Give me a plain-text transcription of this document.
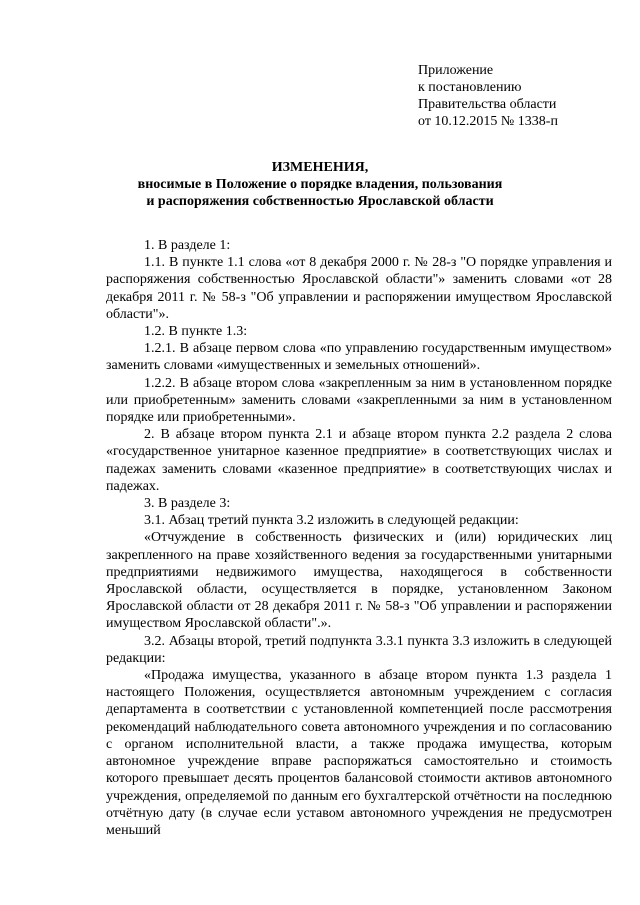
Приложение
к постановлению
Правительства области
от 10.12.2015 № 1338-п
ИЗМЕНЕНИЯ,
вносимые в Положение о порядке владения, пользования
и распоряжения собственностью Ярославской области

1. В разделе 1:

1.1. В пункте 1.1 слова «от 8 декабря 2000 г. № 28-з "О порядке управления и распоряжения собственностью Ярославской области"» заменить словами «от 28 декабря 2011 г. № 58-з "Об управлении и распоряжении имуществом Ярославской области"».

1.2. В пункте 1.3:

1.2.1. В абзаце первом слова «по управлению государственным имуществом» заменить словами «имущественных и земельных отношений».

1.2.2. В абзаце втором слова «закрепленным за ним в установленном порядке или приобретенным» заменить словами «закрепленными за ним в установленном порядке или приобретенными».

2. В абзаце втором пункта 2.1 и абзаце втором пункта 2.2 раздела 2 слова «государственное унитарное казенное предприятие» в соответствующих числах и падежах заменить словами «казенное предприятие» в соответствующих числах и падежах.

3. В разделе 3:

3.1. Абзац третий пункта 3.2 изложить в следующей редакции:

«Отчуждение в собственность физических и (или) юридических лиц закрепленного на праве хозяйственного ведения за государственными унитарными предприятиями недвижимого имущества, находящегося в собственности Ярославской области, осуществляется в порядке, установленном Законом Ярославской области от 28 декабря 2011 г. № 58-з "Об управлении и распоряжении имуществом Ярославской области".».

3.2. Абзацы второй, третий подпункта 3.3.1 пункта 3.3 изложить в следующей редакции:

«Продажа имущества, указанного в абзаце втором пункта 1.3 раздела 1 настоящего Положения, осуществляется автономным учреждением с согласия департамента в соответствии с установленной компетенцией после рассмотрения рекомендаций наблюдательного совета автономного учреждения и по согласованию с органом исполнительной власти, а также продажа имущества, которым автономное учреждение вправе распоряжаться самостоятельно и стоимость которого превышает десять процентов балансовой стоимости активов автономного учреждения, определяемой по данным его бухгалтерской отчётности на последнюю отчётную дату (в случае если уставом автономного учреждения не предусмотрен меньший
